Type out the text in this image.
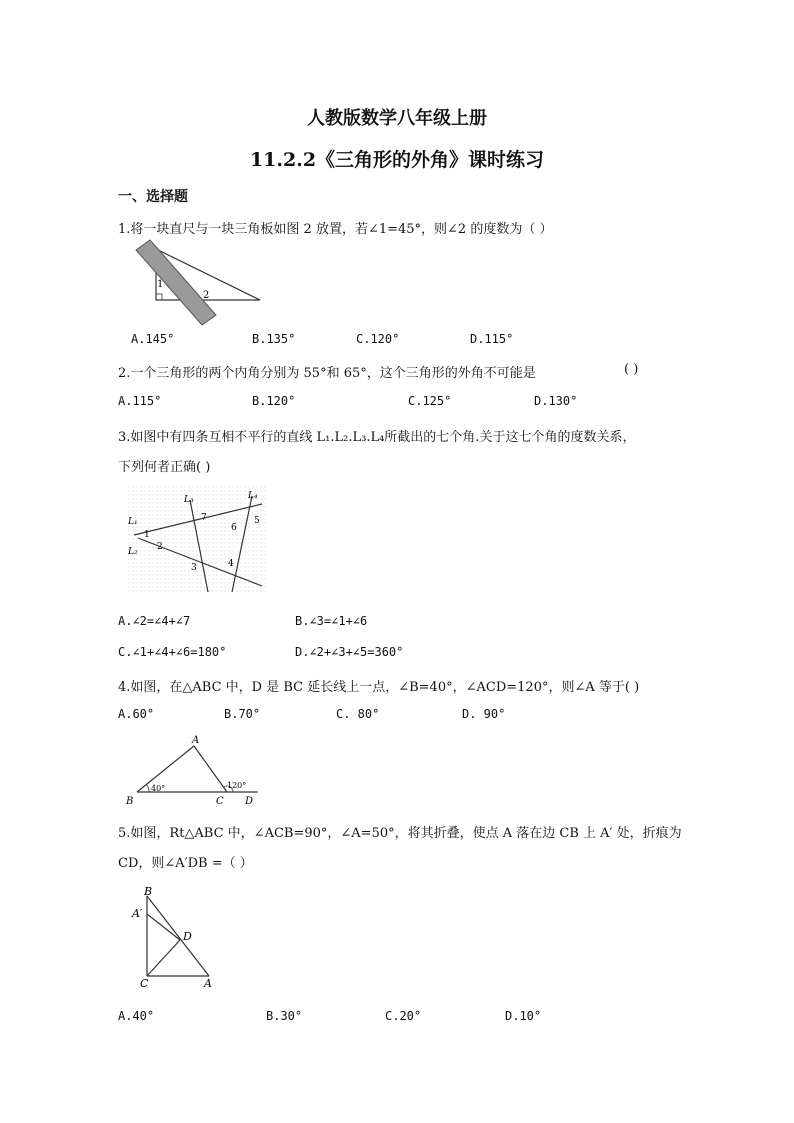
人教版数学八年级上册
11.2.2《三角形的外角》课时练习
一、选择题
1.将一块直尺与一块三角板如图 2 放置，若∠1=45°，则∠2 的度数为（ ）
1
2
A.145°	B.135°	C.120°	D.115°
2.一个三角形的两个内角分别为 55°和 65°，这个三角形的外角不可能是	( )
A.115°	B.120°	C.125°	D.130°
3.如图中有四条互相不平行的直线 L₁.L₂.L₃.L₄所截出的七个角.关于这七个角的度数关系，
下列何者正确( )
L₁
L₂
L₃	L₄
1
2
3	4
5
6
7
A.∠2=∠4+∠7	B.∠3=∠1+∠6
C.∠1+∠4+∠6=180°	D.∠2+∠3+∠5=360°
4.如图，在△ABC 中，D 是 BC 延长线上一点，∠B=40°，∠ACD=120°，则∠A 等于( )
A.60°	B.70°	C. 80°	D. 90°
A
B	C D
40°	120°
5.如图，Rt△ABC 中，∠ACB=90°，∠A=50°，将其折叠，使点 A 落在边 CB 上 A′ 处，折痕为
CD，则∠A′DB =（ ）
B
A′
D
C	A
A.40°	B.30°	C.20°	D.10°
